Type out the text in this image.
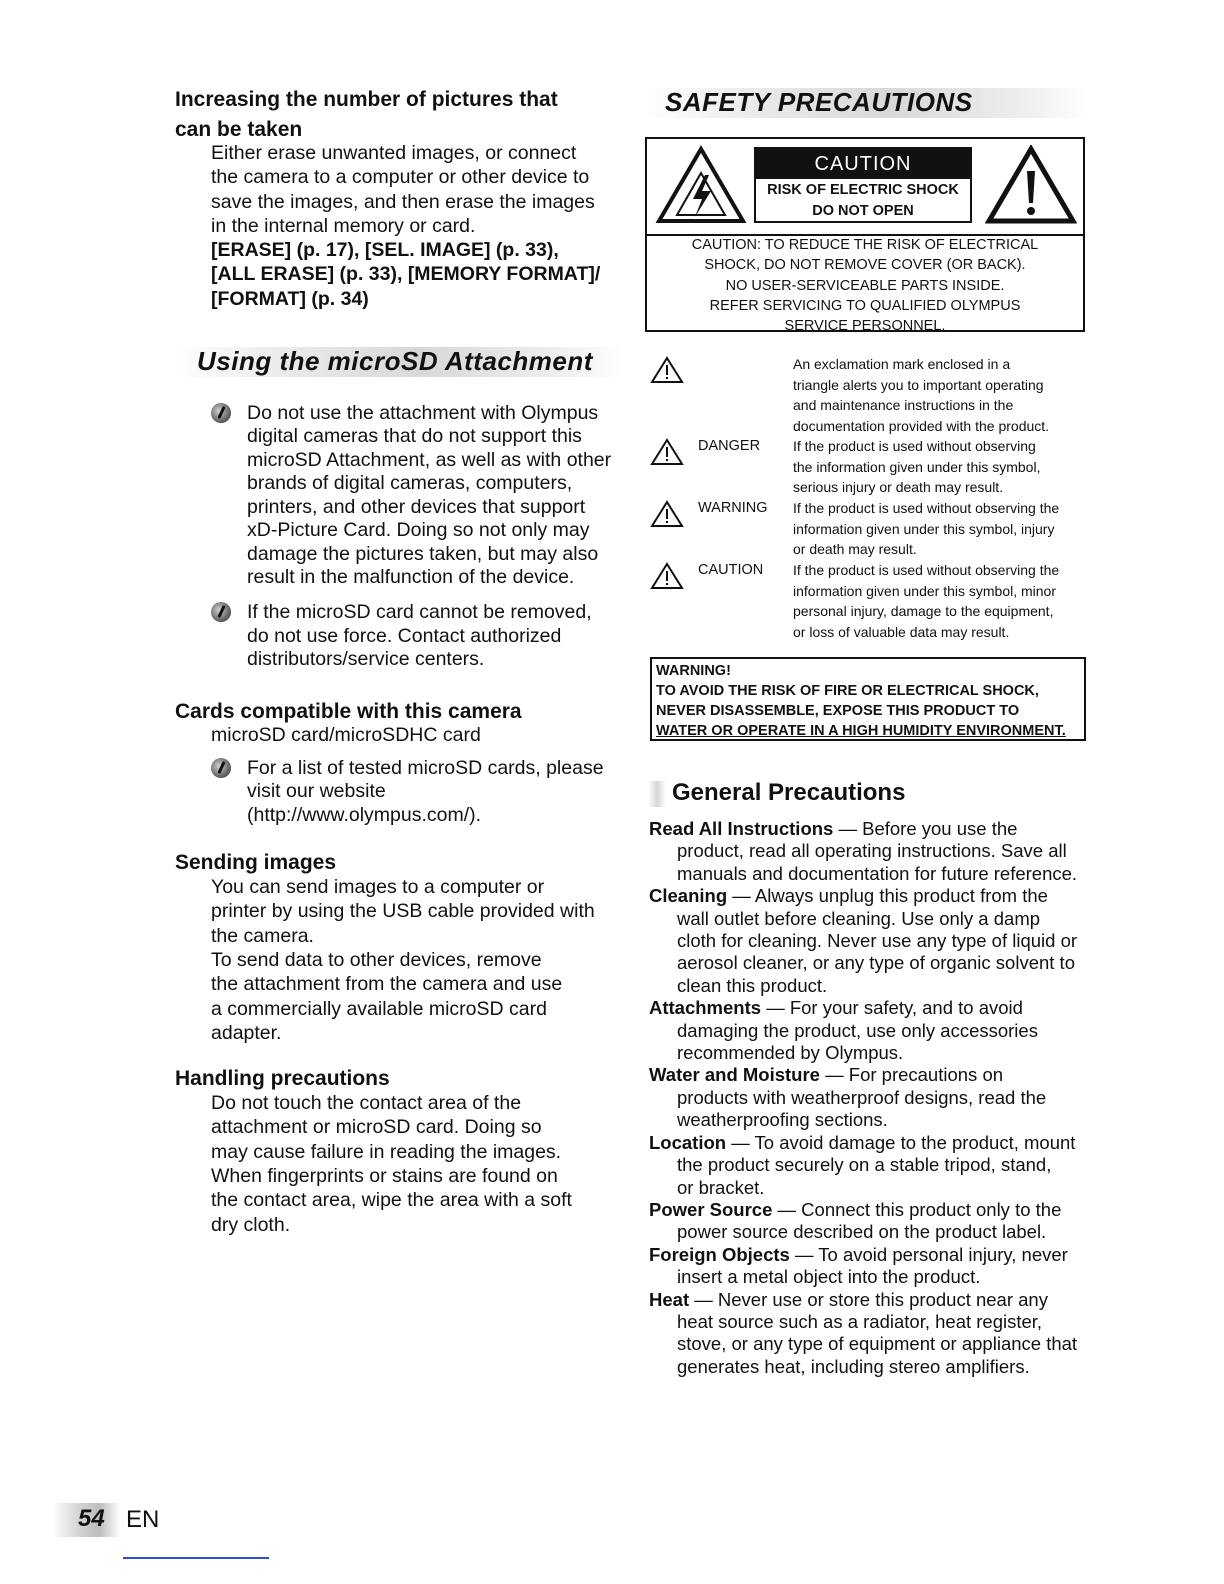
Increasing the number of pictures that
can be taken

Either erase unwanted images, or connect
the camera to a computer or other device to
save the images, and then erase the images
in the internal memory or card.
[ERASE] (p. 17), [SEL. IMAGE] (p. 33),
[ALL ERASE] (p. 33), [MEMORY FORMAT]/
[FORMAT] (p. 34)
Using the microSD Attachment
Do not use the attachment with Olympus
digital cameras that do not support this
microSD Attachment, as well as with other
brands of digital cameras, computers,
printers, and other devices that support
xD-Picture Card. Doing so not only may
damage the pictures taken, but may also
result in the malfunction of the device.
If the microSD card cannot be removed,
do not use force. Contact authorized
distributors/service centers.

Cards compatible with this camera

microSD card/microSDHC card
For a list of tested microSD cards, please
visit our website (http://www.olympus.com/).

Sending images

You can send images to a computer or
printer by using the USB cable provided with
the camera.
To send data to other devices, remove
the attachment from the camera and use
a commercially available microSD card
adapter.

Handling precautions

Do not touch the contact area of the
attachment or microSD card. Doing so
may cause failure in reading the images.
When fingerprints or stains are found on
the contact area, wipe the area with a soft
dry cloth.
SAFETY PRECAUTIONS
CAUTION
RISK OF ELECTRIC SHOCK
DO NOT OPEN
CAUTION: TO REDUCE THE RISK OF ELECTRICAL
SHOCK, DO NOT REMOVE COVER (OR BACK).
NO USER-SERVICEABLE PARTS INSIDE.
REFER SERVICING TO QUALIFIED OLYMPUS
SERVICE PERSONNEL.
An exclamation mark enclosed in a
triangle alerts you to important operating
and maintenance instructions in the
documentation provided with the product.
DANGER If the product is used without observing
the information given under this symbol,
serious injury or death may result.
WARNING If the product is used without observing the
information given under this symbol, injury
or death may result.
CAUTION If the product is used without observing the
information given under this symbol, minor
personal injury, damage to the equipment,
or loss of valuable data may result.
WARNING!
TO AVOID THE RISK OF FIRE OR ELECTRICAL SHOCK,
NEVER DISASSEMBLE, EXPOSE THIS PRODUCT TO
WATER OR OPERATE IN A HIGH HUMIDITY ENVIRONMENT.
General Precautions
Read All Instructions — Before you use the
product, read all operating instructions. Save all
manuals and documentation for future reference.
Cleaning — Always unplug this product from the
wall outlet before cleaning. Use only a damp
cloth for cleaning. Never use any type of liquid or
aerosol cleaner, or any type of organic solvent to
clean this product.
Attachments — For your safety, and to avoid
damaging the product, use only accessories
recommended by Olympus.
Water and Moisture — For precautions on
products with weatherproof designs, read the
weatherproofing sections.
Location — To avoid damage to the product, mount
the product securely on a stable tripod, stand,
or bracket.
Power Source — Connect this product only to the
power source described on the product label.
Foreign Objects — To avoid personal injury, never
insert a metal object into the product.
Heat — Never use or store this product near any
heat source such as a radiator, heat register,
stove, or any type of equipment or appliance that
generates heat, including stereo amplifiers.
54 EN
